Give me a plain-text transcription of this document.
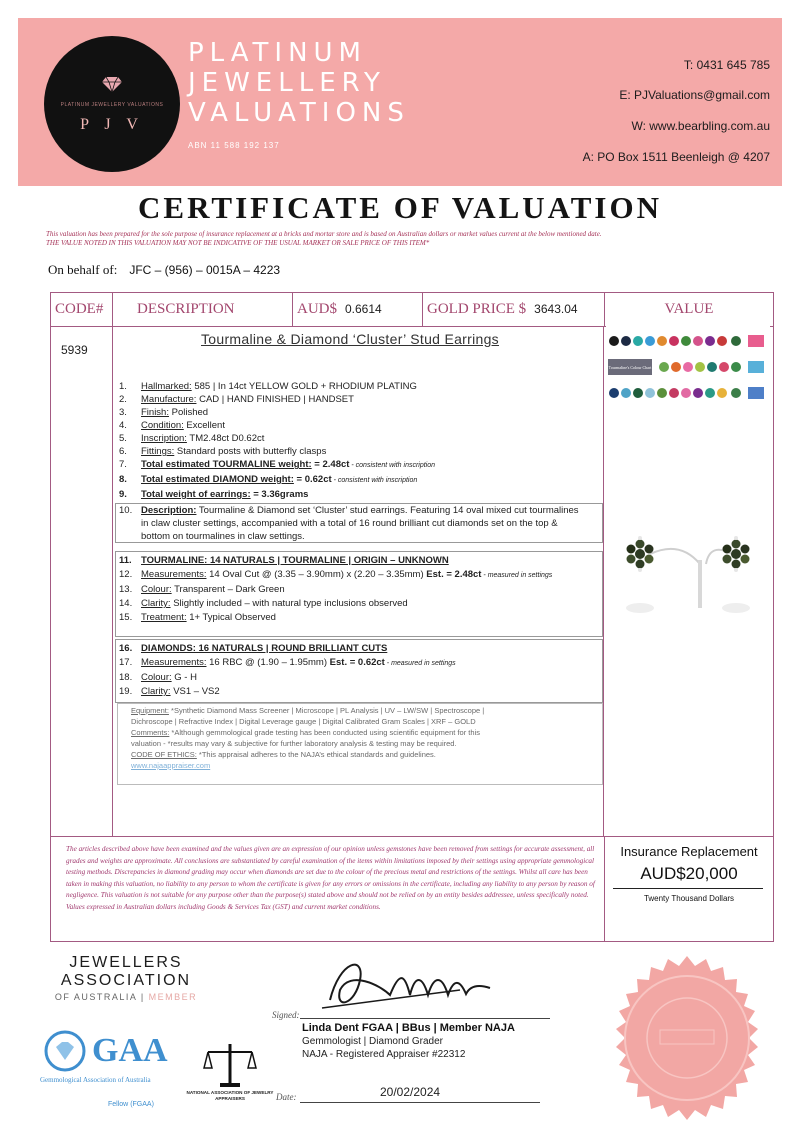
PLATINUM JEWELLERY VALUATIONS
P J V
PLATINUM
JEWELLERY
VALUATIONS
ABN 11 588 192 137
T: 0431 645 785
E: PJValuations@gmail.com
W: www.bearbling.com.au
A: PO Box 1511 Beenleigh @ 4207
CERTIFICATE OF VALUATION
This valuation has been prepared for the sole purpose of insurance replacement at a bricks and mortar store and is based on Australian dollars or market values current at the below mentioned date.
THE VALUE NOTED IN THIS VALUATION MAY NOT BE INDICATIVE OF THE USUAL MARKET OR SALE PRICE OF THIS ITEM*
On behalf of: JFC – (956) – 0015A – 4223
CODE#	DESCRIPTION	AUD$ 0.6614	GOLD PRICE $ 3643.04	VALUE
5939
Tourmaline & Diamond ‘Cluster’ Stud Earrings
1.	Hallmarked: 585 | In 14ct YELLOW GOLD + RHODIUM PLATING
2.	Manufacture: CAD | HAND FINISHED | HANDSET
3.	Finish: Polished
4.	Condition: Excellent
5.	Inscription: TM2.48ct D0.62ct
6.	Fittings: Standard posts with butterfly clasps
7.	Total estimated TOURMALINE weight: = 2.48ct - consistent with inscription
8.	Total estimated DIAMOND weight: = 0.62ct - consistent with inscription
9.	Total weight of earrings: = 3.36grams
10. Description: Tourmaline & Diamond set ‘Cluster’ stud earrings. Featuring 14 oval mixed cut tourmalines
in claw cluster settings, accompanied with a total of 16 round brilliant cut diamonds set on the top &
bottom on tourmalines in claw settings.
11. TOURMALINE: 14 NATURALS | TOURMALINE | ORIGIN – UNKNOWN
12. Measurements: 14 Oval Cut @ (3.35 – 3.90mm) x (2.20 – 3.35mm) Est. = 2.48ct - measured in settings
13. Colour: Transparent – Dark Green
14. Clarity: Slightly included – with natural type inclusions observed
15. Treatment: 1+ Typical Observed
16. DIAMONDS: 16 NATURALS | ROUND BRILLIANT CUTS
17. Measurements: 16 RBC @ (1.90 – 1.95mm) Est. = 0.62ct - measured in settings
18. Colour: G - H
19. Clarity: VS1 – VS2
Equipment: *Synthetic Diamond Mass Screener | Microscope | PL Analysis | UV – LW/SW | Spectroscope |
Dichroscope | Refractive Index | Digital Leverage gauge | Digital Calibrated Gram Scales | XRF – GOLD
Comments: *Although gemmological grade testing has been conducted using scientific equipment for this
valuation - *results may vary & subjective for further laboratory analysis & testing may be required.
CODE OF ETHICS: *This appraisal adheres to the NAJA’s ethical standards and guidelines.
www.najaappraiser.com
Tourmaline's Colour Chart
The articles described above have been examined and the values given are an expression of our opinion unless gemstones have been removed from settings for accurate assessment, all grades and weights are approximate. All conclusions are substantiated by careful examination of the items within limitations imposed by their settings using appropriate gemmological testing methods. Discrepancies in diamond grading may occur when diamonds are set due to the colour of the precious metal and restrictions of the settings. Whilst all care has been taken in making this valuation, no liability to any person to whom the certificate is given for any errors or omissions in the certificate, including any liability to any person by reason of negligence. This valuation is not suitable for any purpose other than the purpose(s) stated above and should not be relied on by an entity besides addressee, unless specifically noted. Values expressed in Australian dollars including Goods & Services Tax (GST) and current market conditions.
Insurance Replacement
AUD$20,000
Twenty Thousand Dollars
JEWELLERS
ASSOCIATION
OF AUSTRALIA | MEMBER
GAA
Gemmological Association of Australia
Fellow (FGAA)
NATIONAL ASSOCIATION OF JEWELRY APPRAISERS
Signed:
Linda Dent FGAA | BBus | Member NAJA
Gemmologist | Diamond Grader
NAJA - Registered Appraiser #22312
Date:	20/02/2024
